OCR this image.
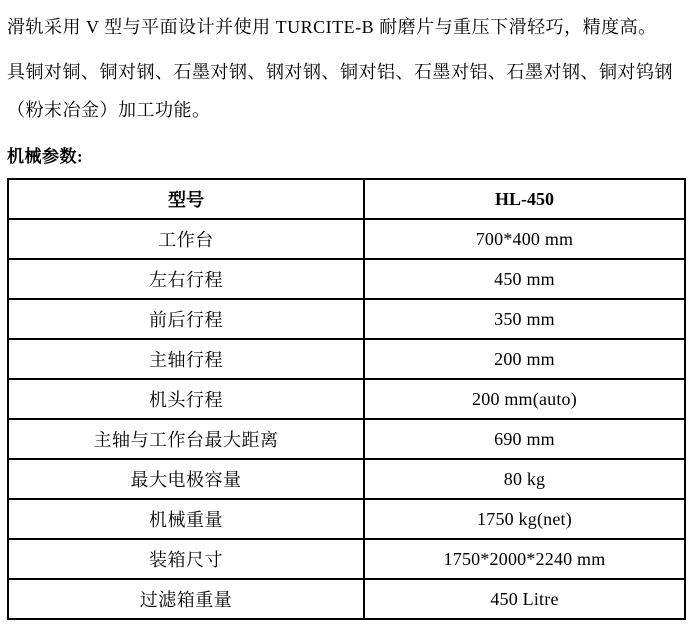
滑轨采用 V 型与平面设计并使用 TURCITE-B 耐磨片与重压下滑轻巧，精度高。

具铜对铜、铜对钢、石墨对钢、钢对钢、铜对铝、石墨对铝、石墨对钢、铜对钨钢（粉末冶金）加工功能。

机械参数:

型号	HL-450
工作台	700*400 mm
左右行程	450 mm
前后行程	350 mm
主轴行程	200 mm
机头行程	200 mm(auto)
主轴与工作台最大距离	690 mm
最大电极容量	80 kg
机械重量	1750 kg(net)
装箱尺寸	1750*2000*2240 mm
过滤箱重量	450 Litre
